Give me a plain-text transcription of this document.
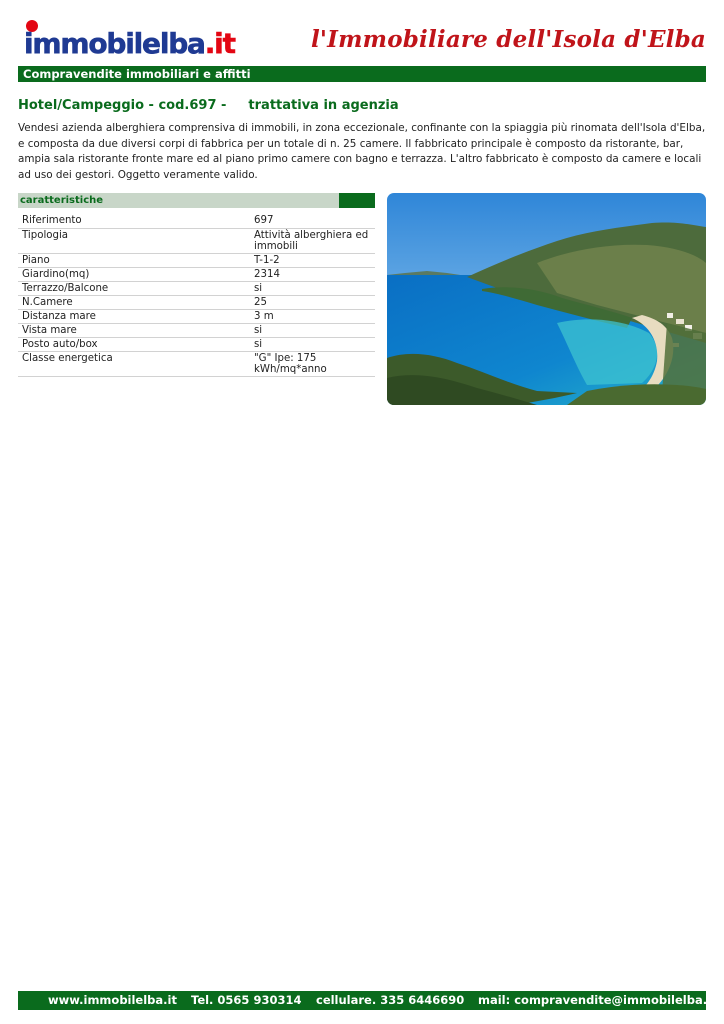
immobilelba.it	l'Immobiliare dell'Isola d'Elba
Compravendite immobiliari e affitti
Hotel/Campeggio - cod.697 - trattativa in agenzia
Vendesi azienda alberghiera comprensiva di immobili, in zona eccezionale, confinante con la spiaggia più rinomata dell'Isola d'Elba, e composta da due diversi corpi di fabbrica per un totale di n. 25 camere. Il fabbricato principale è composto da ristorante, bar, ampia sala ristorante fronte mare ed al piano primo camere con bagno e terrazza. L'altro fabbricato è composto da camere e locali ad uso dei gestori. Oggetto veramente valido.
caratteristiche
Riferimento	697
Tipologia	Attività alberghiera ed immobili
Piano	T-1-2
Giardino(mq)	2314
Terrazzo/Balcone	si
N.Camere	25
Distanza mare	3 m
Vista mare	si
Posto auto/box	si
Classe energetica	"G" Ipe: 175 kWh/mq*anno
www.immobilelba.it Tel. 0565 930314 cellulare. 335 6446690 mail: compravendite@immobilelba.it
